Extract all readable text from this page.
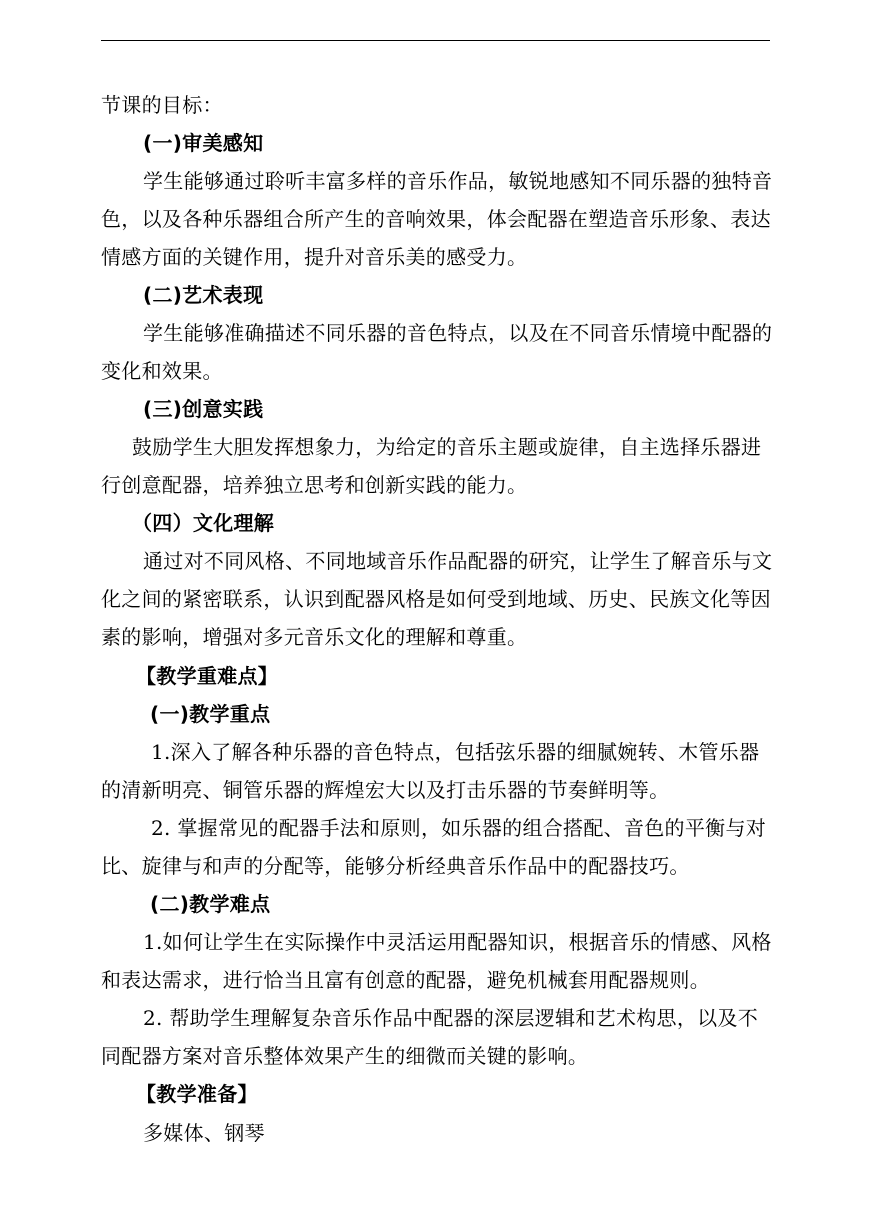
节课的目标：
(一)审美感知
学生能够通过聆听丰富多样的音乐作品，敏锐地感知不同乐器的独特音
色，以及各种乐器组合所产生的音响效果，体会配器在塑造音乐形象、表达
情感方面的关键作用，提升对音乐美的感受力。
(二)艺术表现
学生能够准确描述不同乐器的音色特点，以及在不同音乐情境中配器的
变化和效果。
(三)创意实践
鼓励学生大胆发挥想象力，为给定的音乐主题或旋律，自主选择乐器进
行创意配器，培养独立思考和创新实践的能力。
（四）文化理解
通过对不同风格、不同地域音乐作品配器的研究，让学生了解音乐与文
化之间的紧密联系，认识到配器风格是如何受到地域、历史、民族文化等因
素的影响，增强对多元音乐文化的理解和尊重。
【教学重难点】
(一)教学重点
1.深入了解各种乐器的音色特点，包括弦乐器的细腻婉转、木管乐器
的清新明亮、铜管乐器的辉煌宏大以及打击乐器的节奏鲜明等。
2. 掌握常见的配器手法和原则，如乐器的组合搭配、音色的平衡与对
比、旋律与和声的分配等，能够分析经典音乐作品中的配器技巧。
(二)教学难点
1.如何让学生在实际操作中灵活运用配器知识，根据音乐的情感、风格
和表达需求，进行恰当且富有创意的配器，避免机械套用配器规则。
2. 帮助学生理解复杂音乐作品中配器的深层逻辑和艺术构思，以及不
同配器方案对音乐整体效果产生的细微而关键的影响。
【教学准备】
多媒体、钢琴
